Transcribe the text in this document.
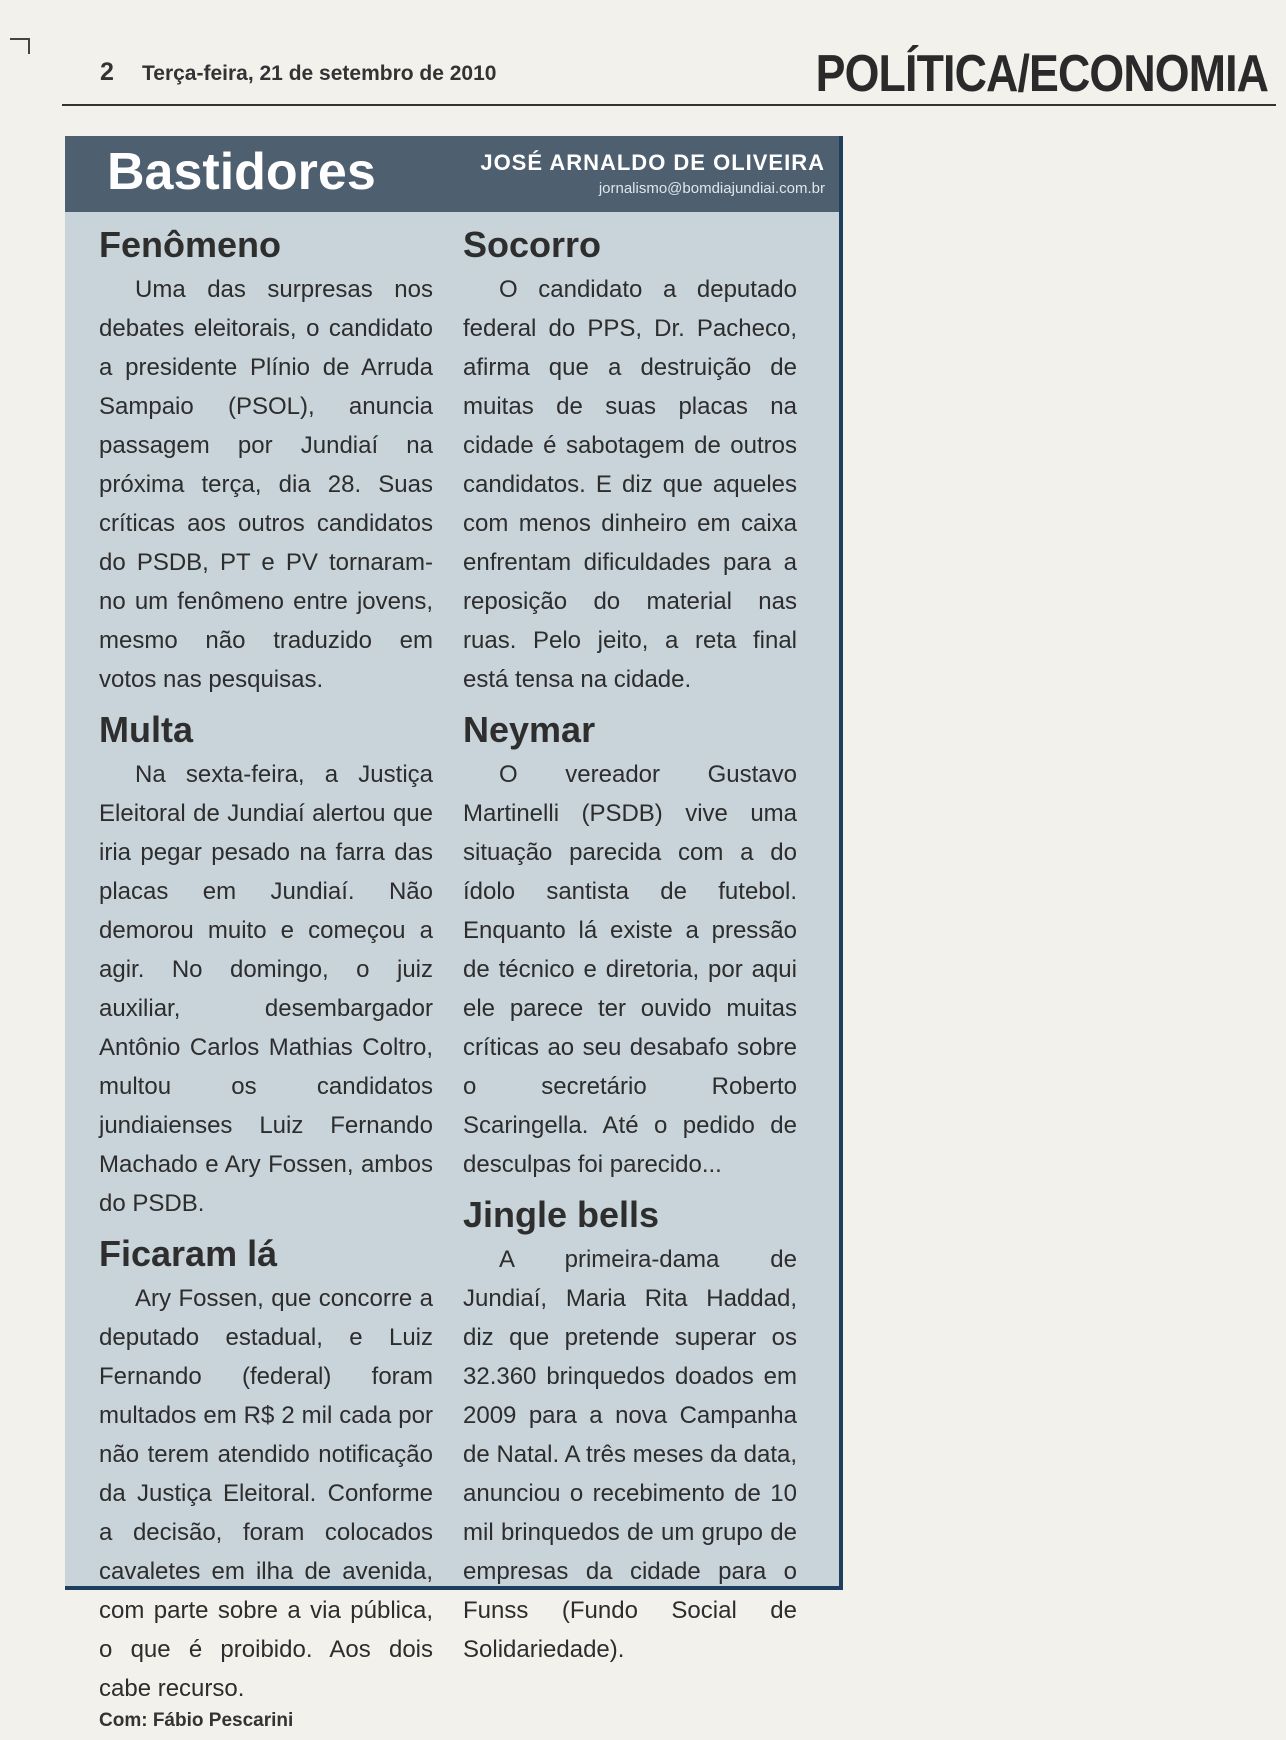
2 Terça-feira, 21 de setembro de 2010	POLÍTICA/ECONOMIA
Bastidores	JOSÉ ARNALDO DE OLIVEIRA
jornalismo@bomdiajundiai.com.br
Fenômeno

Uma das surpresas nos debates eleitorais, o candidato a presidente Plínio de Arruda Sampaio (PSOL), anuncia passagem por Jundiaí na próxima terça, dia 28. Suas críticas aos outros candidatos do PSDB, PT e PV tornaram-no um fenômeno entre jovens, mesmo não traduzido em votos nas pesquisas.

Multa

Na sexta-feira, a Justiça Eleitoral de Jundiaí alertou que iria pegar pesado na farra das placas em Jundiaí. Não demorou muito e começou a agir. No domingo, o juiz auxiliar, desembargador Antônio Carlos Mathias Coltro, multou os candidatos jundiaienses Luiz Fernando Machado e Ary Fossen, ambos do PSDB.

Ficaram lá

Ary Fossen, que concorre a deputado estadual, e Luiz Fernando (federal) foram multados em R$ 2 mil cada por não terem atendido notificação da Justiça Eleitoral. Conforme a decisão, foram colocados cavaletes em ilha de avenida, com parte sobre a via pública, o que é proibido. Aos dois cabe recurso.

Com: Fábio Pescarini
Socorro

O candidato a deputado federal do PPS, Dr. Pacheco, afirma que a destruição de muitas de suas placas na cidade é sabotagem de outros candidatos. E diz que aqueles com menos dinheiro em caixa enfrentam dificuldades para a reposição do material nas ruas. Pelo jeito, a reta final está tensa na cidade.

Neymar

O vereador Gustavo Martinelli (PSDB) vive uma situação parecida com a do ídolo santista de futebol. Enquanto lá existe a pressão de técnico e diretoria, por aqui ele parece ter ouvido muitas críticas ao seu desabafo sobre o secretário Roberto Scaringella. Até o pedido de desculpas foi parecido...

Jingle bells

A primeira-dama de Jundiaí, Maria Rita Haddad, diz que pretende superar os 32.360 brinquedos doados em 2009 para a nova Campanha de Natal. A três meses da data, anunciou o recebimento de 10 mil brinquedos de um grupo de empresas da cidade para o Funss (Fundo Social de Solidariedade).
